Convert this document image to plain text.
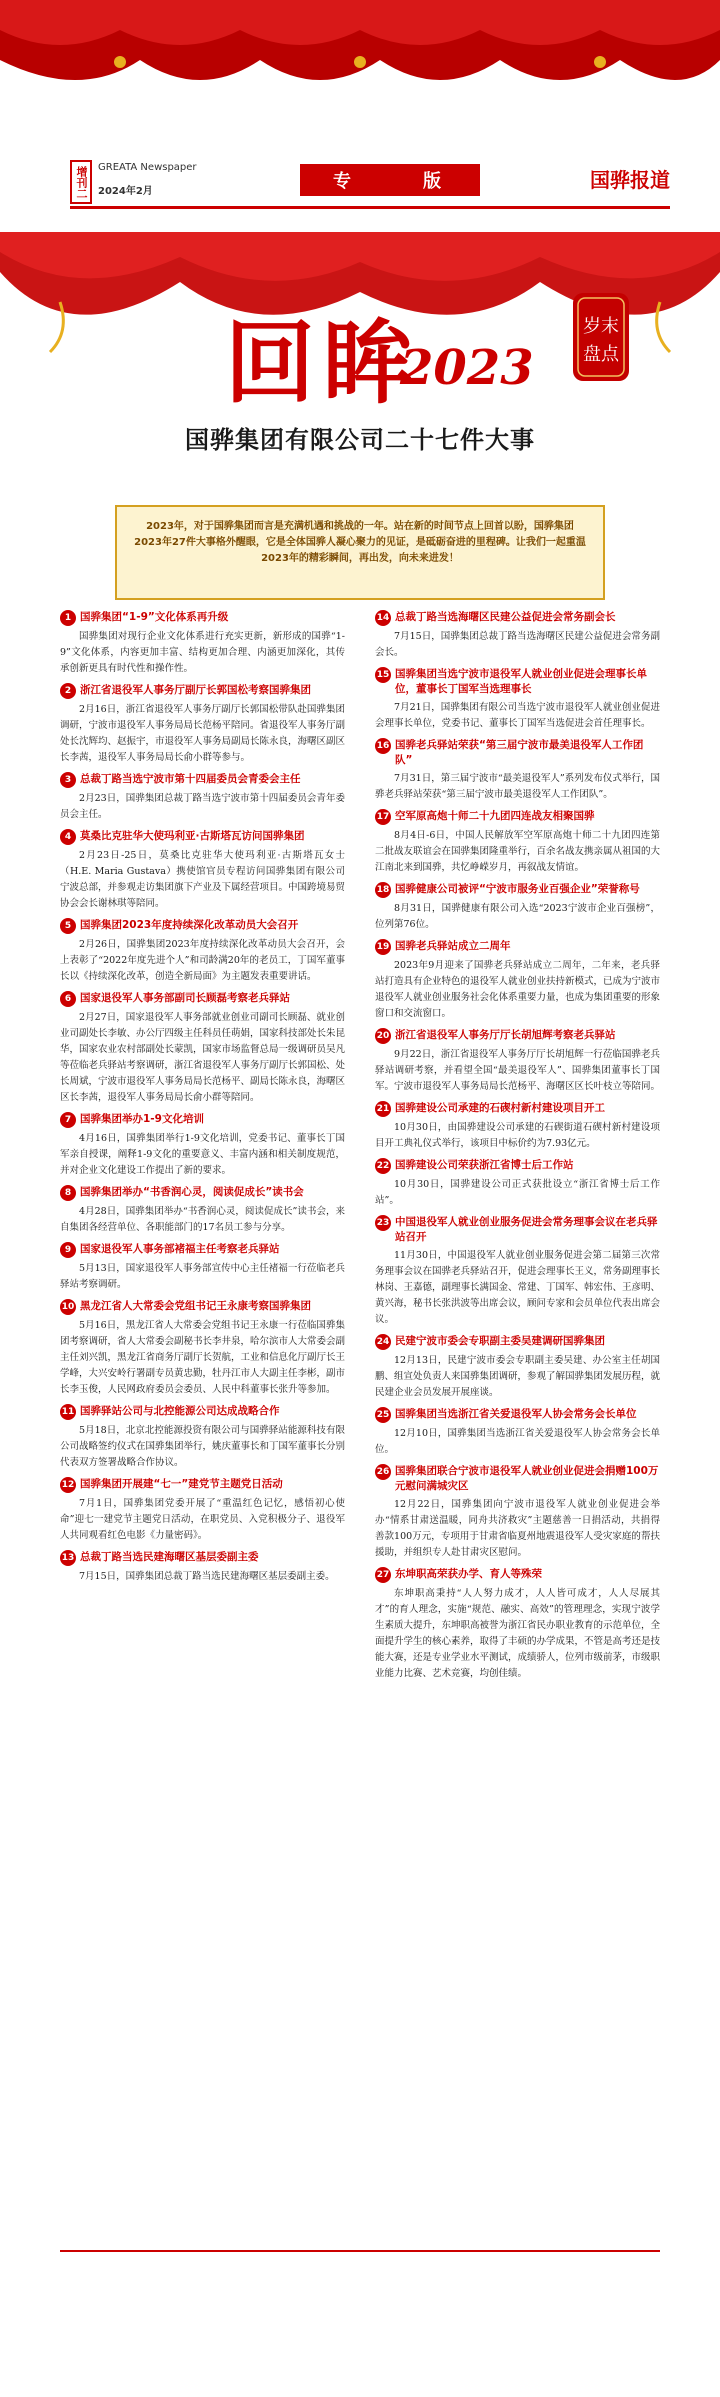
增刊二	GREATA Newspaper
2024年2月	专	版	国骅报道
回眸
2023
岁末
盘点
国骅集团有限公司二十七件大事

2023年，对于国骅集团而言是充满机遇和挑战的一年。站在新的时间节点上回首以盼，国骅集团2023年27件大事格外醒眼，它是全体国骅人凝心聚力的见证，是砥砺奋进的里程碑。让我们一起重温2023年的精彩瞬间，再出发，向未来进发！

1 国骅集团“1-9”文化体系再升级

国骅集团对现行企业文化体系进行充实更新，新形成的国骅“1-9”文化体系，内容更加丰富、结构更加合理、内涵更加深化，其传承创新更具有时代性和操作性。

2 浙江省退役军人事务厅副厅长郭国松考察国骅集团

2月16日，浙江省退役军人事务厅副厅长郭国松带队赴国骅集团调研，宁波市退役军人事务局局长范杨平陪同。省退役军人事务厅副处长沈辉均、赵振宇，市退役军人事务局副局长陈永良，海曙区副区长李茜，退役军人事务局局长俞小群等参与。

3 总裁丁路当选宁波市第十四届委员会青委会主任

2月23日，国骅集团总裁丁路当选宁波市第十四届委员会青年委员会主任。

4 莫桑比克驻华大使玛利亚·古斯塔瓦访问国骅集团

2月23日-25日，莫桑比克驻华大使玛利亚·古斯塔瓦女士（H.E. Maria Gustava）携使馆官员专程访问国骅集团有限公司宁波总部，并参观走访集团旗下产业及下属经营项目。中国跨境易贸协会会长谢林琪等陪同。

5 国骅集团2023年度持续深化改革动员大会召开

2月26日，国骅集团2023年度持续深化改革动员大会召开，会上表彰了“2022年度先进个人”和司龄满20年的老员工，丁国军董事长以《持续深化改革，创造全新局面》为主题发表重要讲话。

6 国家退役军人事务部副司长顾磊考察老兵驿站

2月27日，国家退役军人事务部就业创业司副司长顾磊、就业创业司副处长李敏、办公厅四级主任科员任萌娟，国家科技部处长朱昆华，国家农业农村部副处长蒙凯，国家市场监督总局一级调研员吴凡等莅临老兵驿站考察调研，浙江省退役军人事务厅副厅长郭国松、处长周斌，宁波市退役军人事务局局长范杨平、副局长陈永良，海曙区区长李茜，退役军人事务局局长俞小群等陪同。

7 国骅集团举办1-9文化培训

4月16日，国骅集团举行1-9文化培训，党委书记、董事长丁国军亲自授课，阐释1-9文化的重要意义、丰富内涵和相关制度规范，并对企业文化建设工作提出了新的要求。

8 国骅集团举办“书香润心灵，阅读促成长”读书会

4月28日，国骅集团举办“书香润心灵，阅读促成长”读书会，来自集团各经营单位、各职能部门的17名员工参与分享。

9 国家退役军人事务部褚福主任考察老兵驿站

5月13日，国家退役军人事务部宣传中心主任褚福一行莅临老兵驿站考察调研。

10 黑龙江省人大常委会党组书记王永康考察国骅集团

5月16日，黑龙江省人大常委会党组书记王永康一行莅临国骅集团考察调研，省人大常委会副秘书长李井泉，哈尔滨市人大常委会副主任刘兴凯，黑龙江省商务厅副厅长贺航，工业和信息化厅副厅长王学峰，大兴安岭行署副专员黄忠勤，牡丹江市人大副主任李彬，副市长李玉俊，人民网政府委员会委员、人民中科董事长张升等参加。

11 国骅驿站公司与北控能源公司达成战略合作

5月18日，北京北控能源投资有限公司与国骅驿站能源科技有限公司战略签约仪式在国骅集团举行，姚庆董事长和丁国军董事长分别代表双方签署战略合作协议。

12 国骅集团开展建“七一”建党节主题党日活动

7月1日，国骅集团党委开展了“重温红色记忆，感悟初心使命”迎七一建党节主题党日活动，在职党员、入党积极分子、退役军人共同观看红色电影《力量密码》。

13 总裁丁路当选民建海曙区基层委副主委

7月15日，国骅集团总裁丁路当选民建海曙区基层委副主委。

14 总裁丁路当选海曙区民建公益促进会常务副会长

7月15日，国骅集团总裁丁路当选海曙区民建公益促进会常务副会长。

15 国骅集团当选宁波市退役军人就业创业促进会理事长单位，董事长丁国军当选理事长

7月21日，国骅集团有限公司当选宁波市退役军人就业创业促进会理事长单位，党委书记、董事长丁国军当选促进会首任理事长。

16 国骅老兵驿站荣获“第三届宁波市最美退役军人工作团队”

7月31日，第三届宁波市“最美退役军人”系列发布仪式举行，国骅老兵驿站荣获“第三届宁波市最美退役军人工作团队”。

17 空军原高炮十师二十九团四连战友相聚国骅

8月4日-6日，中国人民解放军空军原高炮十师二十九团四连第二批战友联谊会在国骅集团隆重举行，百余名战友携亲属从祖国的大江南北来到国骅，共忆峥嵘岁月，再叙战友情谊。

18 国骅健康公司被评“宁波市服务业百强企业”荣誉称号

8月31日，国骅健康有限公司入选“2023宁波市企业百强榜”，位列第76位。

19 国骅老兵驿站成立二周年

2023年9月迎来了国骅老兵驿站成立二周年，二年来，老兵驿站打造具有企业特色的退役军人就业创业扶持新模式，已成为宁波市退役军人就业创业服务社会化体系重要力量，也成为集团重要的形象窗口和交流窗口。

20 浙江省退役军人事务厅厅长胡旭辉考察老兵驿站

9月22日，浙江省退役军人事务厅厅长胡旭辉一行莅临国骅老兵驿站调研考察，并看望全国“最美退役军人”、国骅集团董事长丁国军。宁波市退役军人事务局局长范杨平、海曙区区长叶枝立等陪同。

21 国骅建设公司承建的石碶村新村建设项目开工

10月30日，由国骅建设公司承建的石碶街道石碶村新村建设项目开工典礼仪式举行，该项目中标价约为7.93亿元。

22 国骅建设公司荣获浙江省博士后工作站

10月30日，国骅建设公司正式获批设立“浙江省博士后工作站”。

23 中国退役军人就业创业服务促进会常务理事会议在老兵驿站召开

11月30日，中国退役军人就业创业服务促进会第二届第三次常务理事会议在国骅老兵驿站召开，促进会理事长王义，常务副理事长林岗、王嘉德，副理事长满国金、常建、丁国军、韩宏伟、王彦明、黄兴海，秘书长张洪波等出席会议，顾问专家和会员单位代表出席会议。

24 民建宁波市委会专职副主委吴建调研国骅集团

12月13日，民建宁波市委会专职副主委吴建、办公室主任胡国鹏、组宣处负责人来国骅集团调研，参观了解国骅集团发展历程，就民建企业会员发展开展座谈。

25 国骅集团当选浙江省关爱退役军人协会常务会长单位

12月10日，国骅集团当选浙江省关爱退役军人协会常务会长单位。

26 国骅集团联合宁波市退役军人就业创业促进会捐赠100万元慰问满城灾区

12月22日，国骅集团向宁波市退役军人就业创业促进会举办“情系甘肃送温暖，同舟共济救灾”主题慈善一日捐活动，共捐得善款100万元，专项用于甘肃省临夏州地震退役军人受灾家庭的帮扶援助，并组织专人赴甘肃灾区慰问。

27 东坤职高荣获办学、育人等殊荣

东坤职高秉持“人人努力成才，人人皆可成才，人人尽展其才”的育人理念，实施“规范、融实、高效”的管理理念，实现宁波学生素质大提升，东坤职高被誉为浙江省民办职业教育的示范单位，全面提升学生的核心素养，取得了丰硕的办学成果，不管是高考还是技能大赛，还是专业学业水平测试，成绩骄人，位列市级前茅，市级职业能力比赛、艺术竞赛，均创佳绩。
